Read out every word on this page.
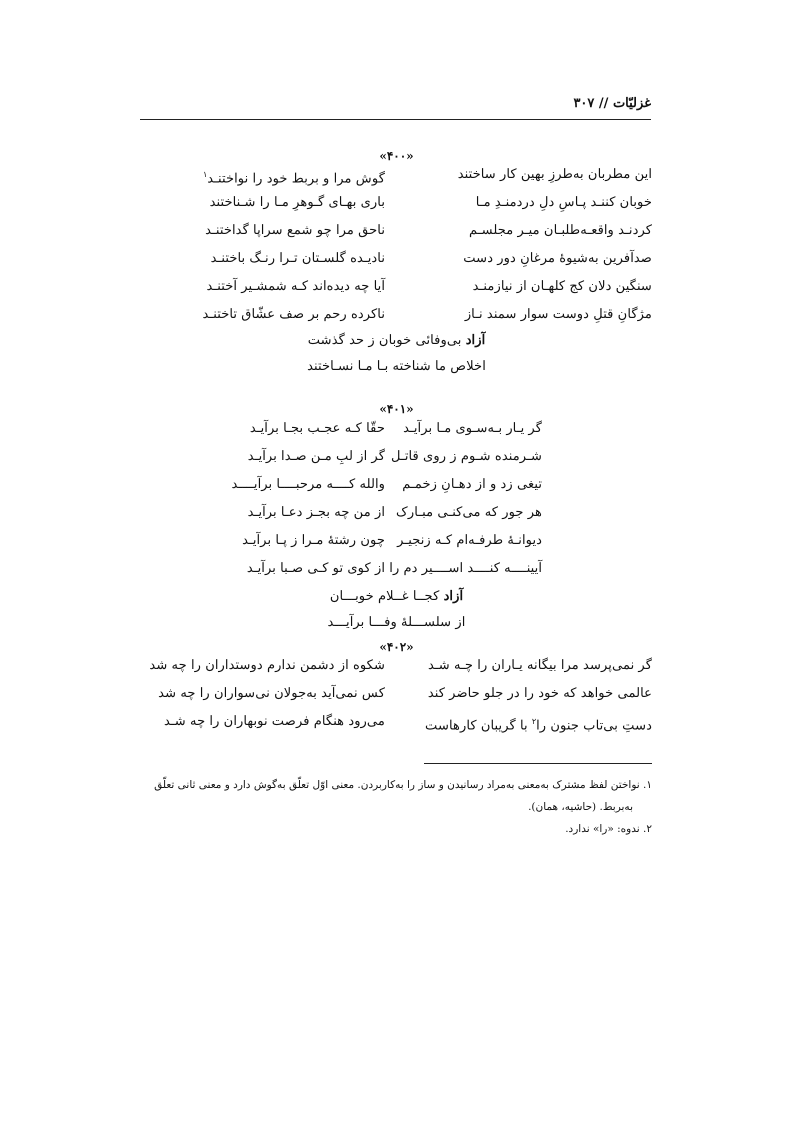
غزليّات // ۳۰۷
«۴۰۰»
اين مطربان به‌طرزِ بهين کار ساختند
گوش مرا و بربط خود را نواختنـد$^۱$
خوبان کننـد پـاسِ دلِ دردمنـدِ مـا
باری بهـای گـوهرِ مـا را شـناختند
کردنـد واقعـه‌طلبـان ميـر مجلسـم
ناحق مرا چو شمع سراپا گداختنـد
صدآفرين به‌شيوهٔ مرغانِ دور دست
نادیـده گلسـتان تـرا رنـگ باختنـد
سنگين دلان کج کلهـان از نيازمنـد
آيا چه ديده‌اند کـه شمشـير آختنـد
مژگانِ قتلِ دوست سوار سمند نـاز
ناکرده رحم بر صف عشّاق تاختنـد
آزاد بی‌وفائی خوبان ز حد گذشت
اخلاص ما شناخته بـا مـا نسـاختند
«۴۰۱»
گر يـار بـه‌سـوی مـا برآيـد
حقّا کـه عجـب بجـا برآيـد
شـرمنده شـوم ز روی قاتـل
گر از لبِ مـن صـدا برآيـد
تيغی زد و از دهـانِ زخمـم
والله کــــه مرحبــــا برآيــــد
هر جور که می‌کنـی مبـارک
از من چه بجـز دعـا برآيـد
ديوانـهٔ طرفـه‌ام کـه زنجيـر
چون رشتهٔ مـرا ز پـا برآيـد
آيينــــه کنــــد اســــير دم را
از کوی تو کـی صـبا برآيـد
آزاد کجــا غــلام خوبـــان
از سلســـلهٔ وفـــا برآيـــد
«۴۰۲»
گر نمی‌پرسد مرا بيگانه يـاران را چـه شـد
شکوه از دشمن ندارم دوستداران را چه شد
عالمی خواهد که خود را در جلو حاضر کند
کس نمی‌آيد به‌جولان نی‌سواران را چه شد
دستِ بی‌تاب جنون را$^۲$ با گريبان کارهاست
می‌رود هنگام فرصت نوبهاران را چه شـد
۱. نواختن لفظ مشترک به‌معنی به‌مراد رسانيدن و ساز را به‌کاربردن. معنی اوّل تعلّق به‌گوش دارد و معنی ثانی تعلّق
به‌بربط. (حاشيه، همان).
۲. ندوه: «را» ندارد.
